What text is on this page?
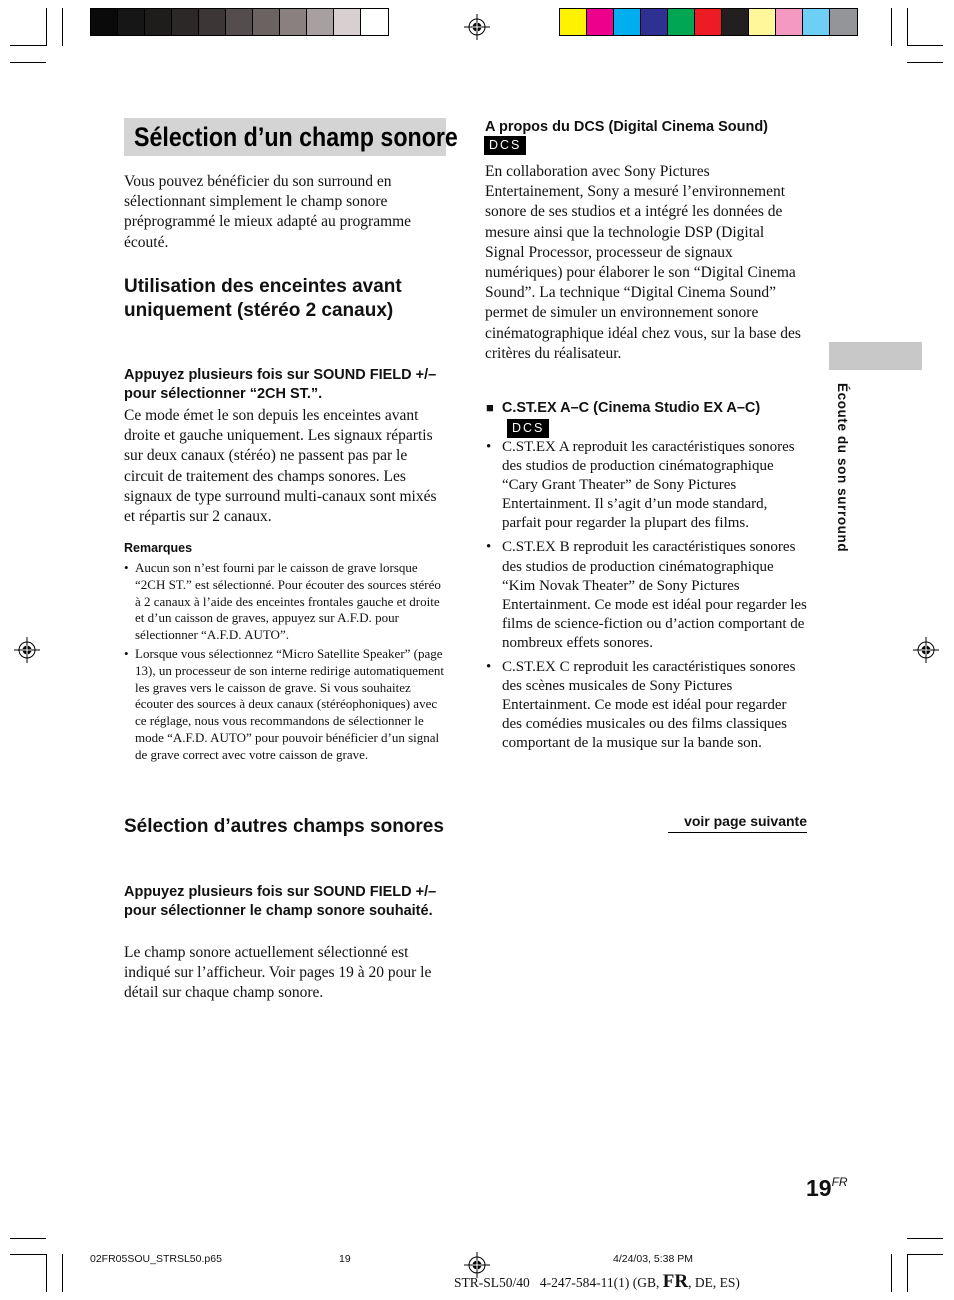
Sélection d’un champ sonore

Vous pouvez bénéficier du son surround en sélectionnant simplement le champ sonore préprogrammé le mieux adapté au programme écouté.

Utilisation des enceintes avant uniquement (stéréo 2 canaux)

Appuyez plusieurs fois sur SOUND FIELD +/– pour sélectionner “2CH ST.”.

Ce mode émet le son depuis les enceintes avant droite et gauche uniquement. Les signaux répartis sur deux canaux (stéréo) ne passent pas par le circuit de traitement des champs sonores. Les signaux de type surround multi-canaux sont mixés et répartis sur 2 canaux.

Remarques

• Aucun son n’est fourni par le caisson de grave lorsque “2CH ST.” est sélectionné. Pour écouter des sources stéréo à 2 canaux à l’aide des enceintes frontales gauche et droite et d’un caisson de graves, appuyez sur A.F.D. pour sélectionner “A.F.D. AUTO”.
• Lorsque vous sélectionnez “Micro Satellite Speaker” (page 13), un processeur de son interne redirige automatiquement les graves vers le caisson de grave. Si vous souhaitez écouter des sources à deux canaux (stéréophoniques) avec ce réglage, nous vous recommandons de sélectionner le mode “A.F.D. AUTO” pour pouvoir bénéficier d’un signal de grave correct avec votre caisson de grave.
Sélection d’autres champs sonores

Appuyez plusieurs fois sur SOUND FIELD +/– pour sélectionner le champ sonore souhaité.

Le champ sonore actuellement sélectionné est indiqué sur l’afficheur. Voir pages 19 à 20 pour le détail sur chaque champ sonore.

A propos du DCS (Digital Cinema Sound) DCS

En collaboration avec Sony Pictures Entertainement, Sony a mesuré l’environnement sonore de ses studios et a intégré les données de mesure ainsi que la technologie DSP (Digital Signal Processor, processeur de signaux numériques) pour élaborer le son “Digital Cinema Sound”. La technique “Digital Cinema Sound” permet de simuler un environnement sonore cinématographique idéal chez vous, sur la base des critères du réalisateur.

■ C.ST.EX A–C (Cinema Studio EX A–C)
DCS

• C.ST.EX A reproduit les caractéristiques sonores des studios de production cinématographique “Cary Grant Theater” de Sony Pictures Entertainment. Il s’agit d’un mode standard, parfait pour regarder la plupart des films.
• C.ST.EX B reproduit les caractéristiques sonores des studios de production cinématographique “Kim Novak Theater” de Sony Pictures Entertainment. Ce mode est idéal pour regarder les films de science-fiction ou d’action comportant de nombreux effets sonores.
• C.ST.EX C reproduit les caractéristiques sonores des scènes musicales de Sony Pictures Entertainment. Ce mode est idéal pour regarder des comédies musicales ou des films classiques comportant de la musique sur la bande son.
voir page suivante
Écoute du son surround
$19^{FR}$
02FR05SOU_STRSL50.p65	19	4/24/03, 5:38 PM
STR-SL50/40   4-247-584-11(1) (GB, FR, DE, ES)
